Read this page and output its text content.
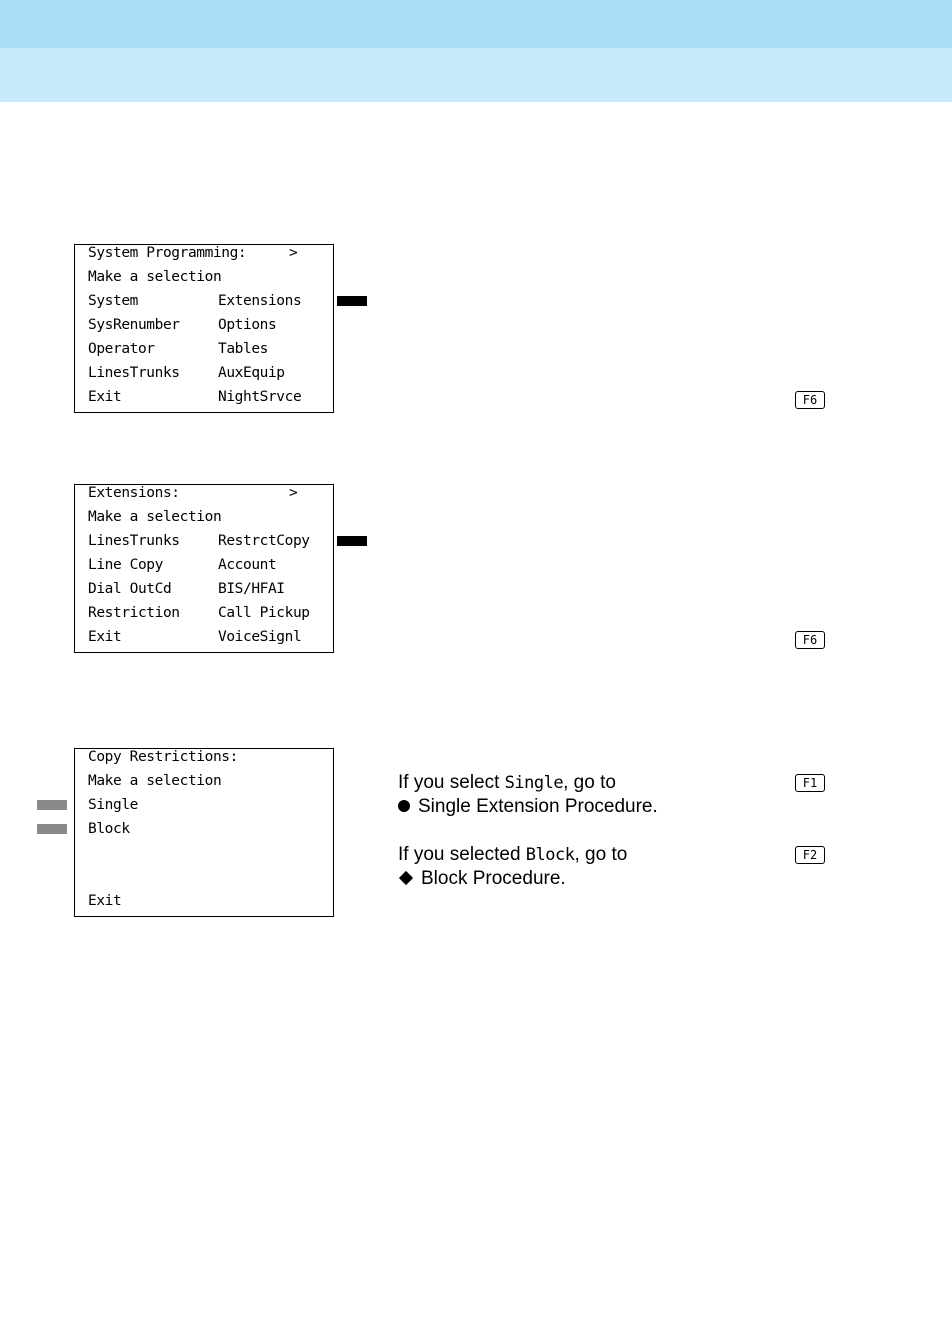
System Programming:	>
Make a selection
System	Extensions
SysRenumber	Options
Operator	Tables
LinesTrunks	AuxEquip
Exit	NightSrvce	F6
Extensions:	>
Make a selection
LinesTrunks	RestrctCopy
Line Copy	Account
Dial OutCd	BIS/HFAI
Restriction	Call Pickup
Exit	VoiceSignl	F6
Copy Restrictions:
Make a selection
Single
Block
Exit
If you select Single, go to
Single Extension Procedure.
F1
If you selected Block, go to
Block Procedure.
F2
